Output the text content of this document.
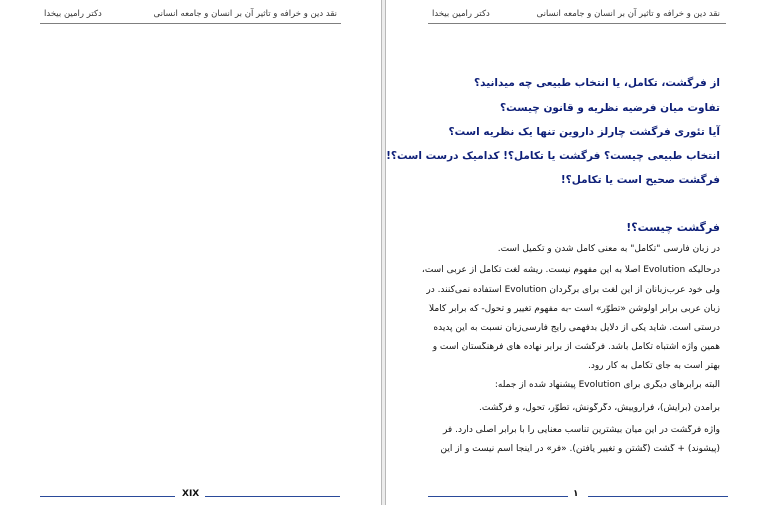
دکتر رامین بیخدا	نقد دین و خرافه و تاثیر آن بر انسان و جامعه انسانی
XIX
دکتر رامین بیخدا	نقد دین و خرافه و تاثیر آن بر انسان و جامعه انسانی
از فرگشت، تکامل، یا انتخاب طبیعی چه میدانید؟
تفاوت میان فرضیه نظریه و قانون چیست؟
آیا تئوری فرگشت چارلز داروین تنها یک نظریه است؟
انتخاب طبیعی چیست؟ فرگشت یا تکامل؟! کدامیک درست است؟!
فرگشت صحیح است یا تکامل؟!
فرگشت چیست؟!
در زبان فارسی "تکامل" به معنی کامل شدن و تکمیل است.
درحالیکه Evolution اصلا به این مفهوم نیست. ریشه لغت تکامل از عربی است،
ولی خود عرب‌زبانان از این لغت برای برگردان Evolution استفاده نمی‌کنند. در
زبان عربی برابر اولوشن «تطوّر» است -به مفهوم تغییر و تحول- که برابر کاملاً
درستی است. شاید یکی از دلایل بدفهمی رایج فارسی‌زبان نسبت به این پدیده
همین واژه اشتباه تکامل باشد. فرگشت از برابر نهاده های فرهنگستان است و
بهتر است به جای تکامل به کار رود.
البته برابرهای دیگری برای Evolution پیشنهاد شده از جمله:
برآمدن (برآیش)، فراروییش، دگرگونش، تطوّر، تحول، و فرگشت.
واژه فرگشت در این میان بیشترین تناسب معنایی را با برابر اصلی دارد. فر
(پیشوند) + گشت (گشتن و تغییر یافتن). «فر» در اینجا اسم نیست و از این
۱
